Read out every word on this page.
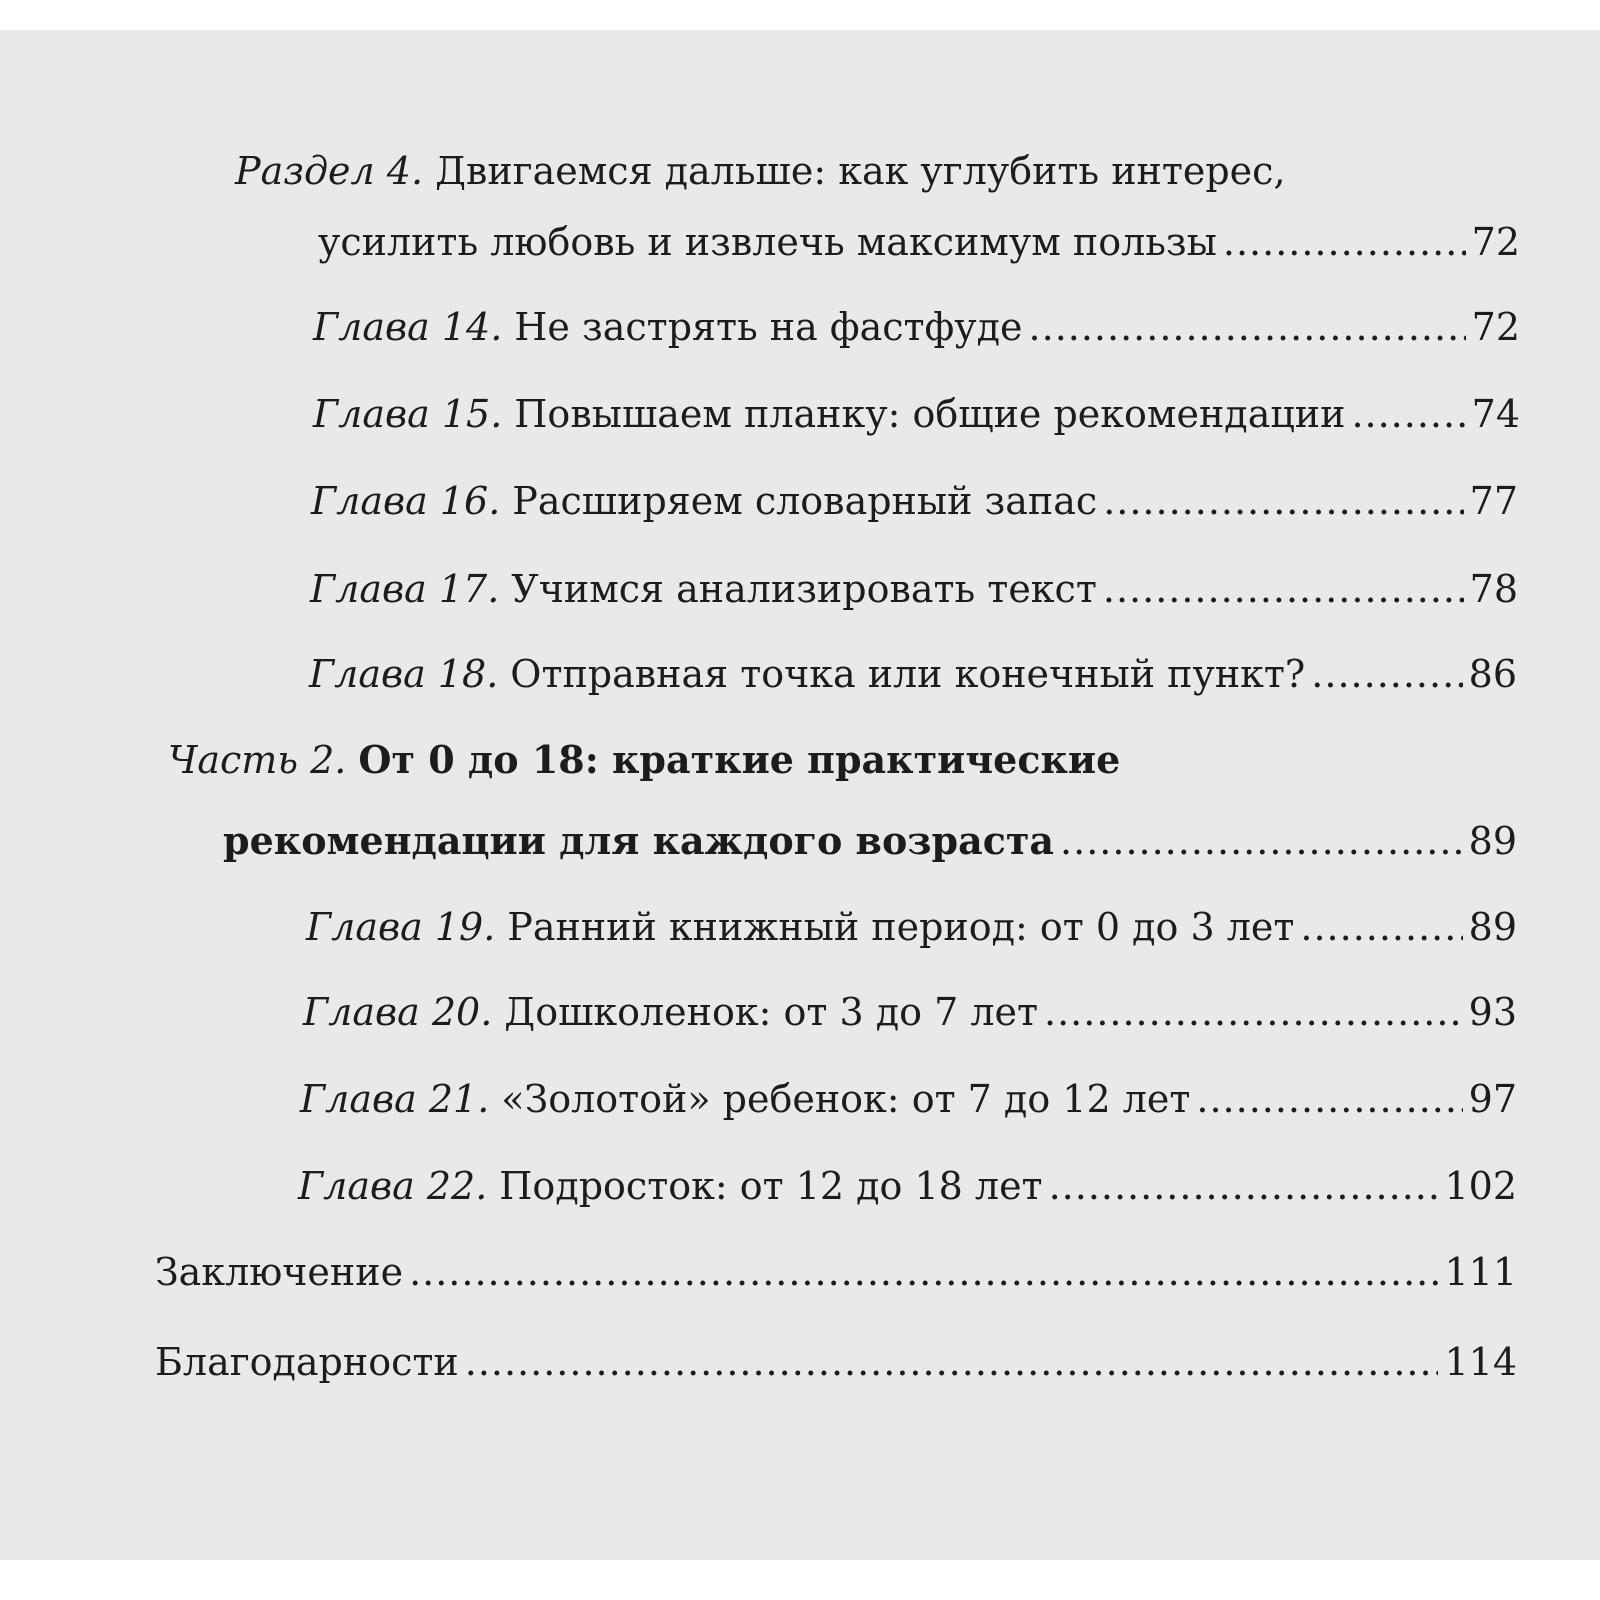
Раздел 4. Двигаемся дальше: как углубить интерес,
усилить любовь и извлечь максимум пользы .....	72
Глава 14. Не застрять на фастфуде .....	72
Глава 15. Повышаем планку: общие рекомендации .....	74
Глава 16. Расширяем словарный запас .....	77
Глава 17. Учимся анализировать текст .....	78
Глава 18. Отправная точка или конечный пункт? .....	86
Часть 2. От 0 до 18: краткие практические
рекомендации для каждого возраста .....	89
Глава 19. Ранний книжный период: от 0 до 3 лет .....	89
Глава 20. Дошколенок: от 3 до 7 лет .....	93
Глава 21. «Золотой» ребенок: от 7 до 12 лет .....	97
Глава 22. Подросток: от 12 до 18 лет .....	102
Заключение .....	111
Благодарности .....	114
